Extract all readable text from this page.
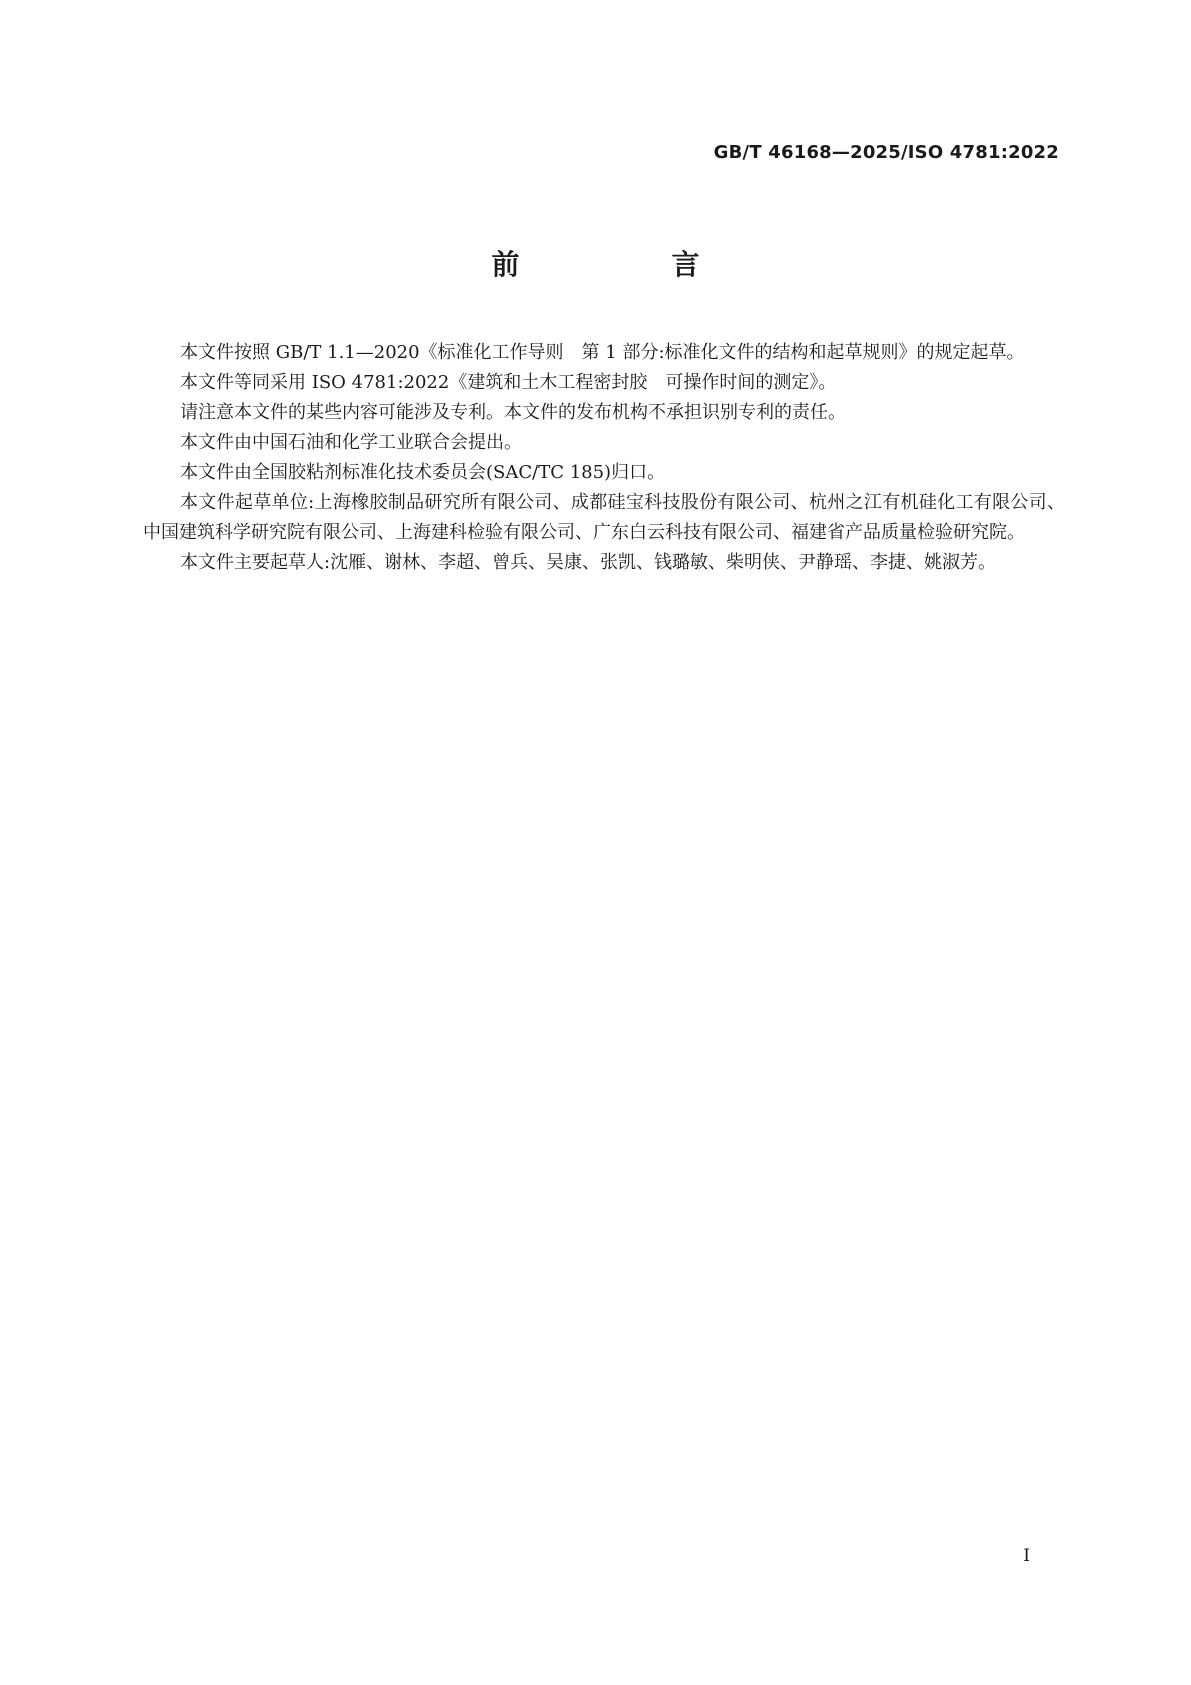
GB/T 46168—2025/ISO 4781:2022
前　言

本文件按照 GB/T 1.1—2020《标准化工作导则　第 1 部分:标准化文件的结构和起草规则》的规定起草。

本文件等同采用 ISO 4781:2022《建筑和土木工程密封胶　可操作时间的测定》。

请注意本文件的某些内容可能涉及专利。本文件的发布机构不承担识别专利的责任。

本文件由中国石油和化学工业联合会提出。

本文件由全国胶粘剂标准化技术委员会(SAC/TC 185)归口。

本文件起草单位:上海橡胶制品研究所有限公司、成都硅宝科技股份有限公司、杭州之江有机硅化工有限公司、中国建筑科学研究院有限公司、上海建科检验有限公司、广东白云科技有限公司、福建省产品质量检验研究院。

本文件主要起草人:沈雁、谢林、李超、曾兵、吴康、张凯、钱璐敏、柴明侠、尹静瑶、李捷、姚淑芳。

I
